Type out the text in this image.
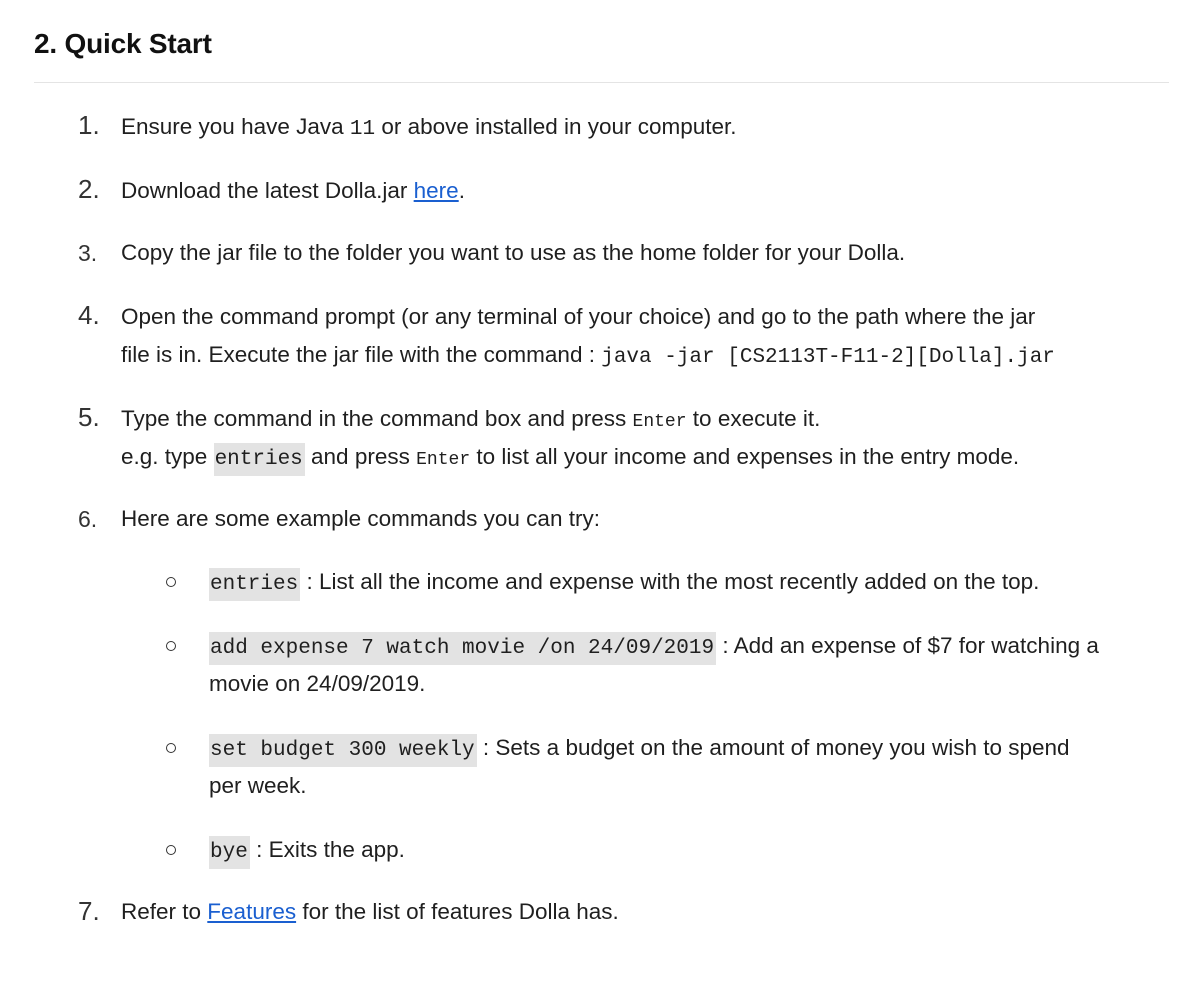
2. Quick Start
1. Ensure you have Java 11 or above installed in your computer.
2. Download the latest Dolla.jar here.
3. Copy the jar file to the folder you want to use as the home folder for your Dolla.
4. Open the command prompt (or any terminal of your choice) and go to the path where the jar
file is in. Execute the jar file with the command : java -jar [CS2113T-F11-2][Dolla].jar
5. Type the command in the command box and press Enter to execute it.
e.g. type entries and press Enter to list all your income and expenses in the entry mode.
6. Here are some example commands you can try:
entries : List all the income and expense with the most recently added on the top.
add expense 7 watch movie /on 24/09/2019 : Add an expense of $7 for watching a
movie on 24/09/2019.
set budget 300 weekly : Sets a budget on the amount of money you wish to spend
per week.
bye : Exits the app.
7. Refer to Features for the list of features Dolla has.
